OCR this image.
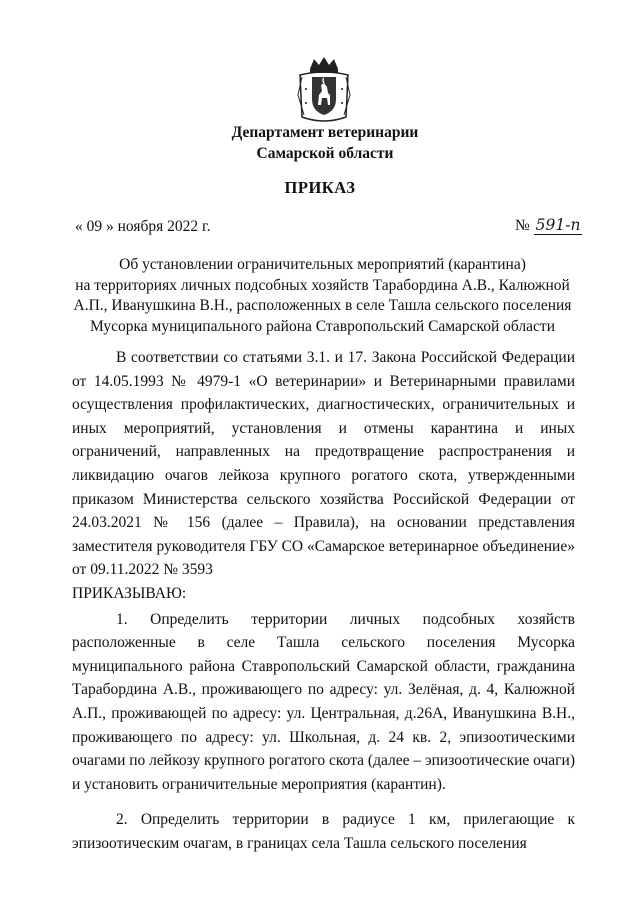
Департамент ветеринарии
Самарской области
ПРИКАЗ
« 09 » ноября 2022 г.	№ 591-n
Об установлении ограничительных мероприятий (карантина)
на территориях личных подсобных хозяйств Тарабордина А.В., Калюжной
А.П., Иванушкина В.Н., расположенных в селе Ташла сельского поселения
Мусорка муниципального района Ставропольский Самарской области

В соответствии со статьями 3.1. и 17. Закона Российской Федерации от 14.05.1993 № 4979-1 «О ветеринарии» и Ветеринарными правилами осуществления профилактических, диагностических, ограничительных и иных мероприятий, установления и отмены карантина и иных ограничений, направленных на предотвращение распространения и ликвидацию очагов лейкоза крупного рогатого скота, утвержденными приказом Министерства сельского хозяйства Российской Федерации от 24.03.2021 № 156 (далее – Правила), на основании представления заместителя руководителя ГБУ СО «Самарское ветеринарное объединение» от 09.11.2022 № 3593

ПРИКАЗЫВАЮ:

1. Определить территории личных подсобных хозяйств расположенные в селе Ташла сельского поселения Мусорка муниципального района Ставропольский Самарской области, гражданина Тарабордина А.В., проживающего по адресу: ул. Зелёная, д. 4, Калюжной А.П., проживающей по адресу: ул. Центральная, д.26А, Иванушкина В.Н., проживающего по адресу: ул. Школьная, д. 24 кв. 2, эпизоотическими очагами по лейкозу крупного рогатого скота (далее – эпизоотические очаги) и установить ограничительные мероприятия (карантин).

2. Определить территории в радиусе 1 км, прилегающие к эпизоотическим очагам, в границах села Ташла сельского поселения
